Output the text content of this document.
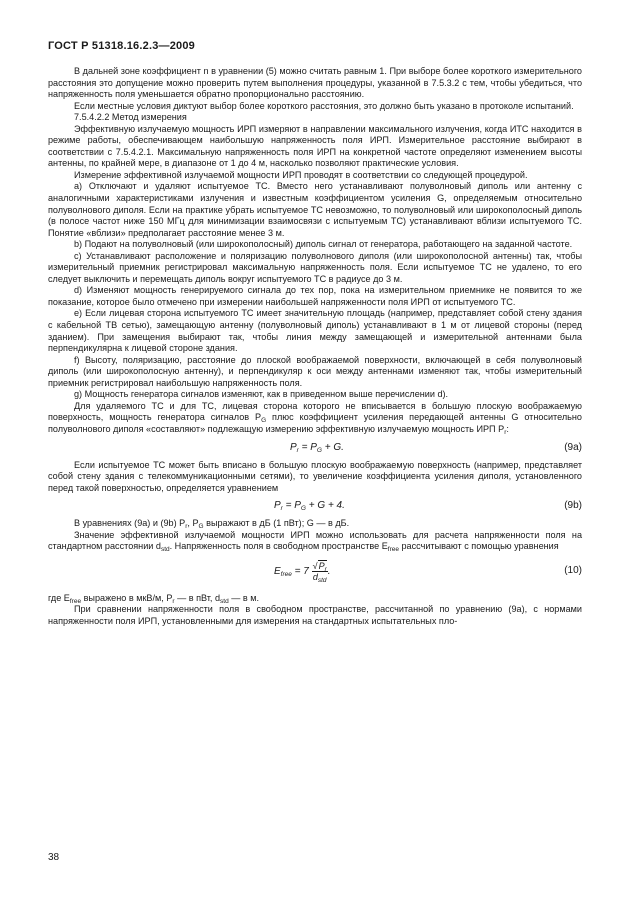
ГОСТ Р 51318.16.2.3—2009

В дальней зоне коэффициент n в уравнении (5) можно считать равным 1. При выборе более короткого измерительного расстояния это допущение можно проверить путем выполнения процедуры, указанной в 7.5.3.2 с тем, чтобы убедиться, что напряженность поля уменьшается обратно пропорционально расстоянию.

Если местные условия диктуют выбор более короткого расстояния, это должно быть указано в протоколе испытаний.

7.5.4.2.2 Метод измерения

Эффективную излучаемую мощность ИРП измеряют в направлении максимального излучения, когда ИТС находится в режиме работы, обеспечивающем наибольшую напряженность поля ИРП. Измерительное расстояние выбирают в соответствии с 7.5.4.2.1. Максимальную напряженность поля ИРП на конкретной частоте определяют изменением высоты антенны, по крайней мере, в диапазоне от 1 до 4 м, насколько позволяют практические условия.

Измерение эффективной излучаемой мощности ИРП проводят в соответствии со следующей процедурой.

а) Отключают и удаляют испытуемое ТС. Вместо него устанавливают полуволновый диполь или антенну с аналогичными характеристиками излучения и известным коэффициентом усиления G, определяемым относительно полуволнового диполя. Если на практике убрать испытуемое ТС невозможно, то полуволновый или широкополосный диполь (в полосе частот ниже 150 МГц для минимизации взаимосвязи с испытуемым ТС) устанавливают вблизи испытуемого ТС. Понятие «вблизи» предполагает расстояние менее 3 м.

b) Подают на полуволновый (или широкополосный) диполь сигнал от генератора, работающего на заданной частоте.

с) Устанавливают расположение и поляризацию полуволнового диполя (или широкополосной антенны) так, чтобы измерительный приемник регистрировал максимальную напряженность поля. Если испытуемое ТС не удалено, то его следует выключить и перемещать диполь вокруг испытуемого ТС в радиусе до 3 м.

d) Изменяют мощность генерируемого сигнала до тех пор, пока на измерительном приемнике не появится то же показание, которое было отмечено при измерении наибольшей напряженности поля ИРП от испытуемого ТС.

е) Если лицевая сторона испытуемого ТС имеет значительную площадь (например, представляет собой стену здания с кабельной ТВ сетью), замещающую антенну (полуволновый диполь) устанавливают в 1 м от лицевой стороны (перед зданием). При замещения выбирают так, чтобы линия между замещающей и измерительной антеннами была перпендикулярна к лицевой стороне здания.

f) Высоту, поляризацию, расстояние до плоской воображаемой поверхности, включающей в себя полуволновый диполь (или широкополосную антенну), и перпендикуляр к оси между антеннами изменяют так, чтобы измерительный приемник регистрировал наибольшую напряженность поля.

g) Мощность генератора сигналов изменяют, как в приведенном выше перечислении d).

Для удаляемого ТС и для ТС, лицевая сторона которого не вписывается в большую плоскую воображаемую поверхность, мощность генератора сигналов $P_G$ плюс коэффициент усиления передающей антенны G относительно полуволнового диполя «составляют» подлежащую измерению эффективную излучаемую мощность ИРП $P_r$:

$P_r = P_G + G$.	(9a)

Если испытуемое ТС может быть вписано в большую плоскую воображаемую поверхность (например, представляет собой стену здания с телекоммуникационными сетями), то увеличение коэффициента усиления диполя, установленного перед такой поверхностью, определяется уравнением

$P_r = P_G + G + 4$.	(9b)

В уравнениях (9a) и (9b) $P_r$, $P_G$ выражают в дБ (1 пВт); G — в дБ.

Значение эффективной излучаемой мощности ИРП можно использовать для расчета напряженности поля на стандартном расстоянии $d_{std}$. Напряженность поля в свободном пространстве $E_{free}$ рассчитывают с помощью уравнения

$E_{free} = 7 \frac{√P_r}{d_{std}}$ .	(10)

где $E_{free}$ выражено в мкВ/м, $P_r$ — в пВт, $d_{std}$ — в м.

При сравнении напряженности поля в свободном пространстве, рассчитанной по уравнению (9a), с нормами напряженности поля ИРП, установленными для измерения на стандартных испытательных пло-

38
